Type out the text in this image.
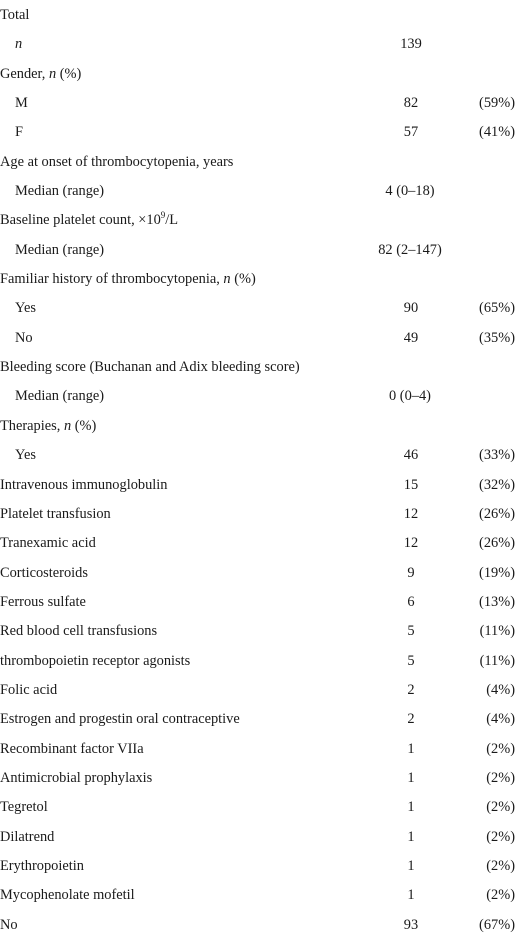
Total
n	139
Gender, n (%)
M	82	(59%)
F	57	(41%)
Age at onset of thrombocytopenia, years
Median (range)	4 (0–18)
Baseline platelet count, $\times 10^9/L$
Median (range)	82 (2–147)
Familiar history of thrombocytopenia, n (%)
Yes	90	(65%)
No	49	(35%)
Bleeding score (Buchanan and Adix bleeding score)
Median (range)	0 (0–4)
Therapies, n (%)
Yes	46	(33%)
Intravenous immunoglobulin	15	(32%)
Platelet transfusion	12	(26%)
Tranexamic acid	12	(26%)
Corticosteroids	9	(19%)
Ferrous sulfate	6	(13%)
Red blood cell transfusions	5	(11%)
thrombopoietin receptor agonists	5	(11%)
Folic acid	2	(4%)
Estrogen and progestin oral contraceptive	2	(4%)
Recombinant factor VIIa	1	(2%)
Antimicrobial prophylaxis	1	(2%)
Tegretol	1	(2%)
Dilatrend	1	(2%)
Erythropoietin	1	(2%)
Mycophenolate mofetil	1	(2%)
No	93	(67%)
